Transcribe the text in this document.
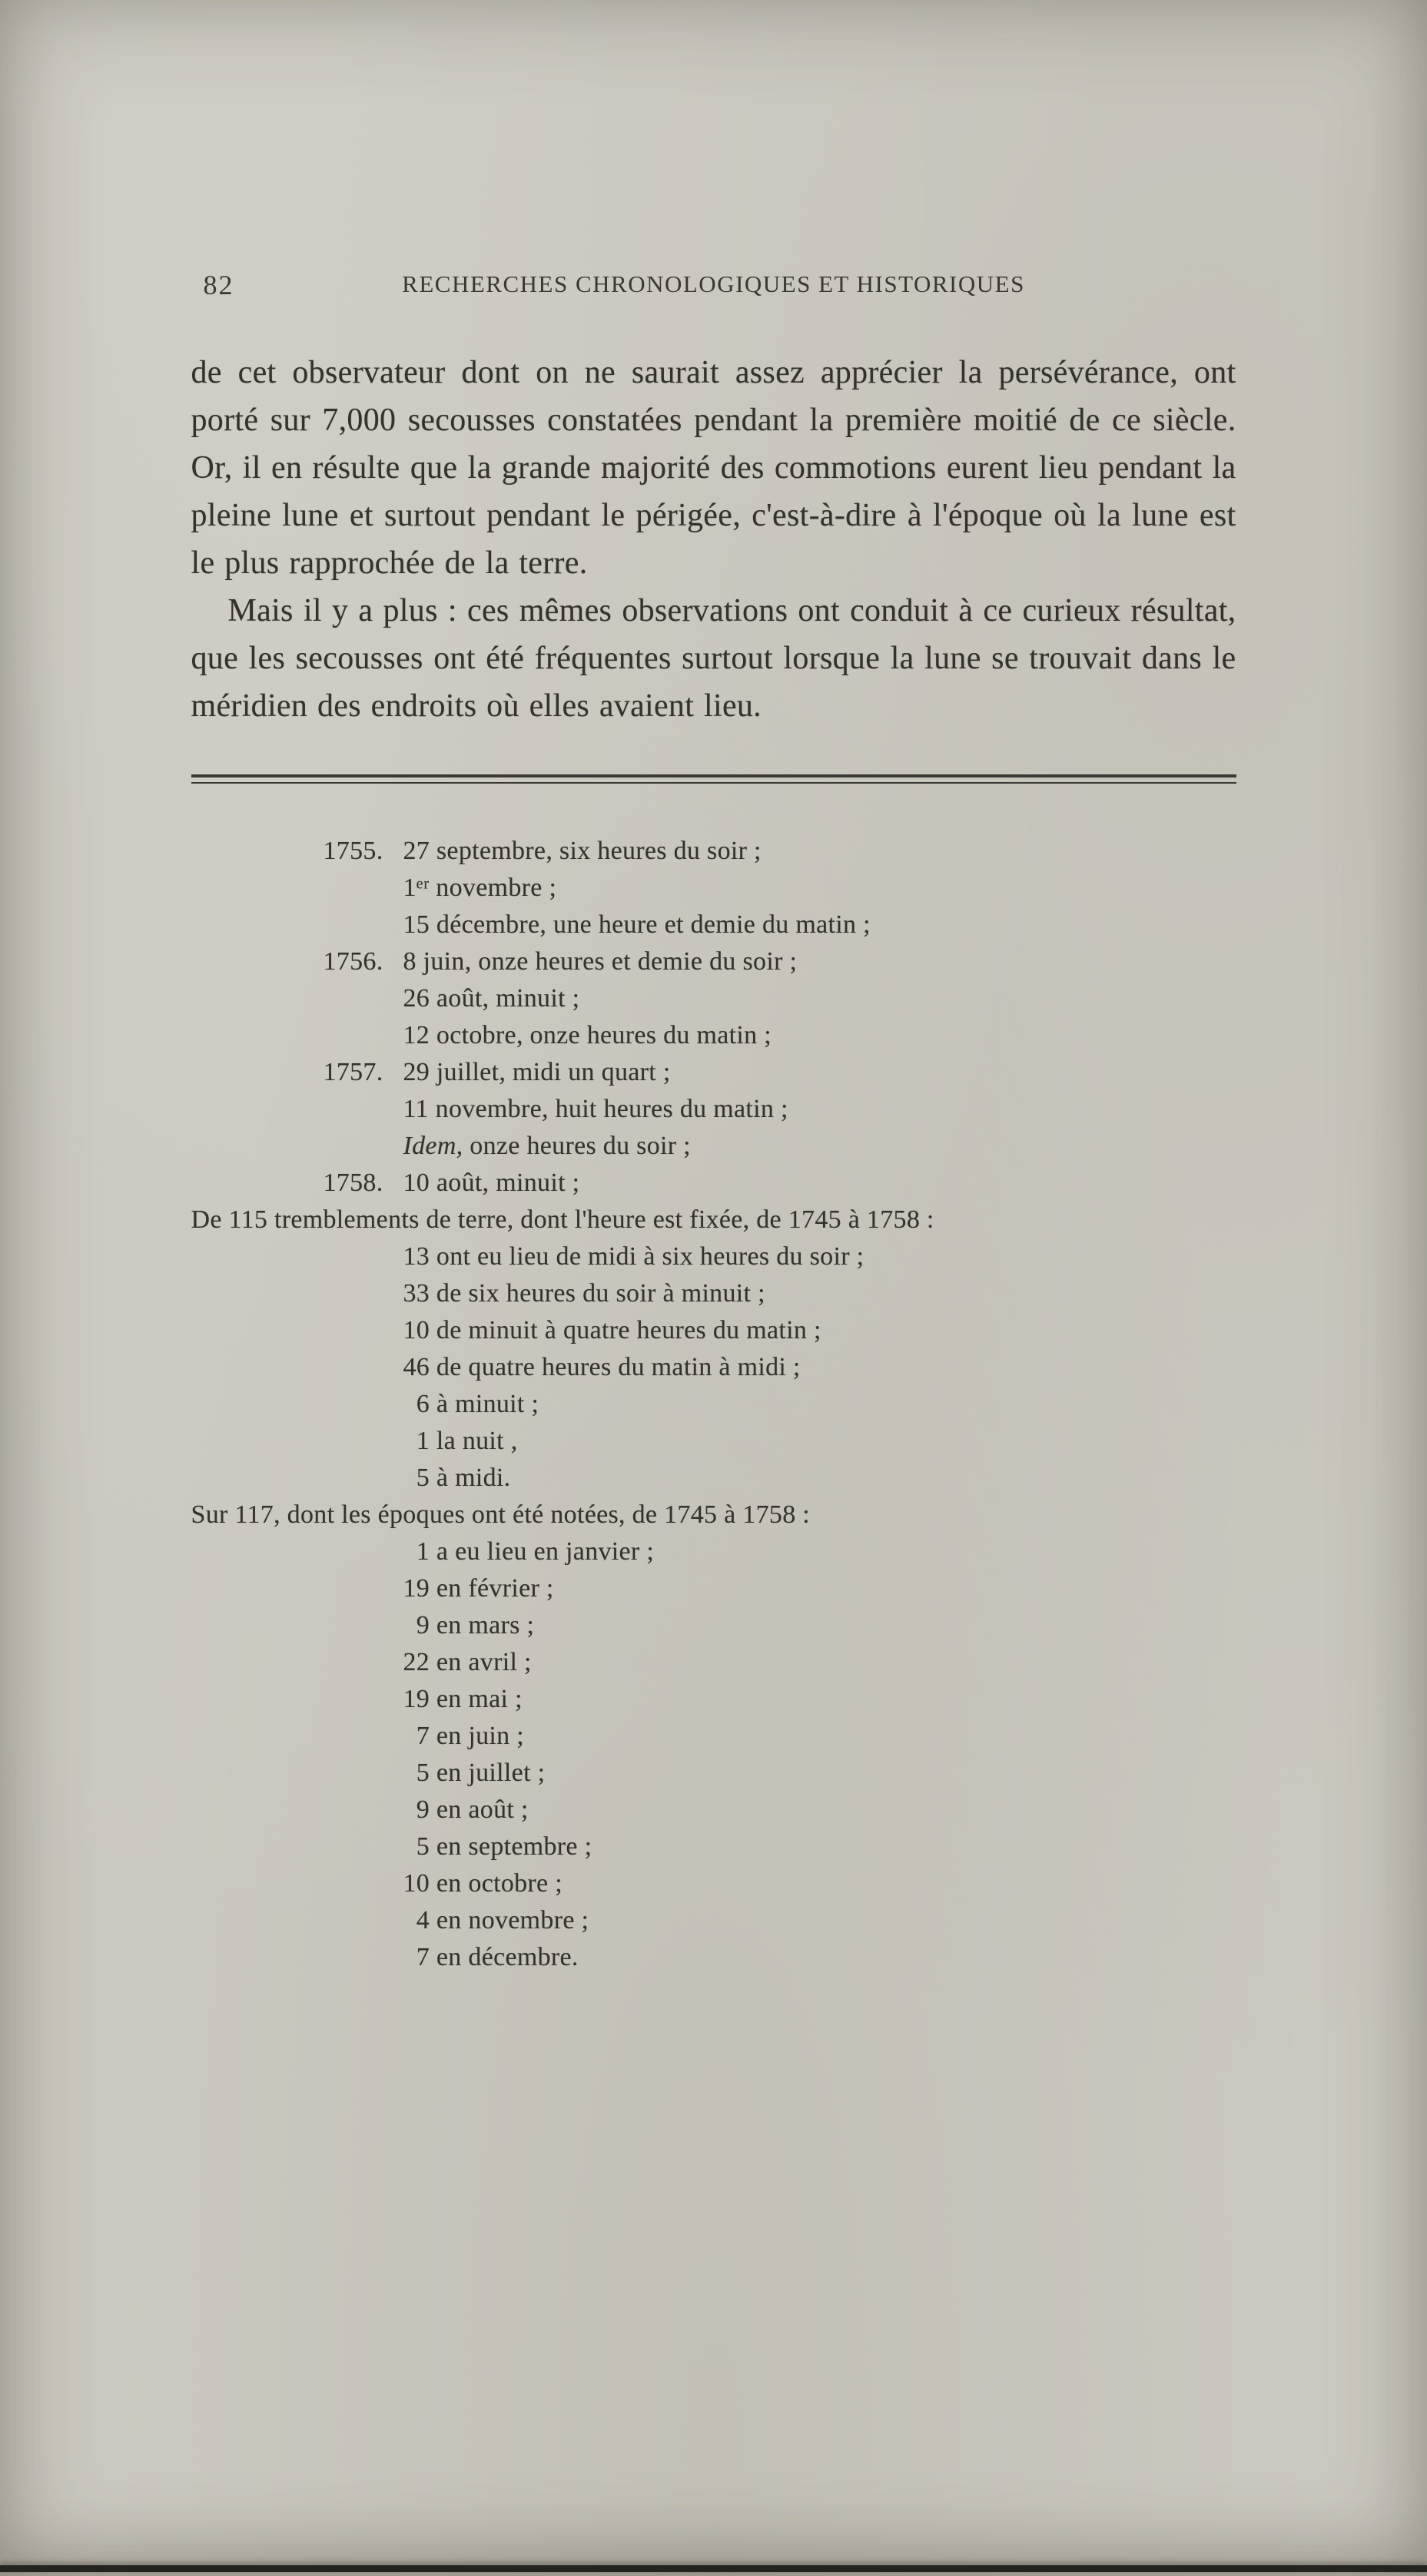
82	RECHERCHES CHRONOLOGIQUES ET HISTORIQUES

de cet observateur dont on ne saurait assez apprécier la persévérance, ont porté sur 7,000 secousses constatées pendant la première moitié de ce siècle. Or, il en résulte que la grande majorité des commotions eurent lieu pendant la pleine lune et surtout pendant le périgée, c'est-à-dire à l'époque où la lune est le plus rapprochée de la terre.

Mais il y a plus : ces mêmes observations ont conduit à ce curieux résultat, que les secousses ont été fréquentes surtout lorsque la lune se trouvait dans le méridien des endroits où elles avaient lieu.

1755. 27 septembre, six heures du soir ;
1ᵉʳ novembre ;
15 décembre, une heure et demie du matin ;
1756. 8 juin, onze heures et demie du soir ;
26 août, minuit ;
12 octobre, onze heures du matin ;
1757. 29 juillet, midi un quart ;
11 novembre, huit heures du matin ;
Idem, onze heures du soir ;
1758. 10 août, minuit ;
De 115 tremblements de terre, dont l'heure est fixée, de 1745 à 1758 :
13 ont eu lieu de midi à six heures du soir ;
33 de six heures du soir à minuit ;
10 de minuit à quatre heures du matin ;
46 de quatre heures du matin à midi ;
 6 à minuit ;
 1 la nuit ,
 5 à midi.
Sur 117, dont les époques ont été notées, de 1745 à 1758 :
 1 a eu lieu en janvier ;
19 en février ;
 9 en mars ;
22 en avril ;
19 en mai ;
 7 en juin ;
 5 en juillet ;
 9 en août ;
 5 en septembre ;
10 en octobre ;
 4 en novembre ;
 7 en décembre.
